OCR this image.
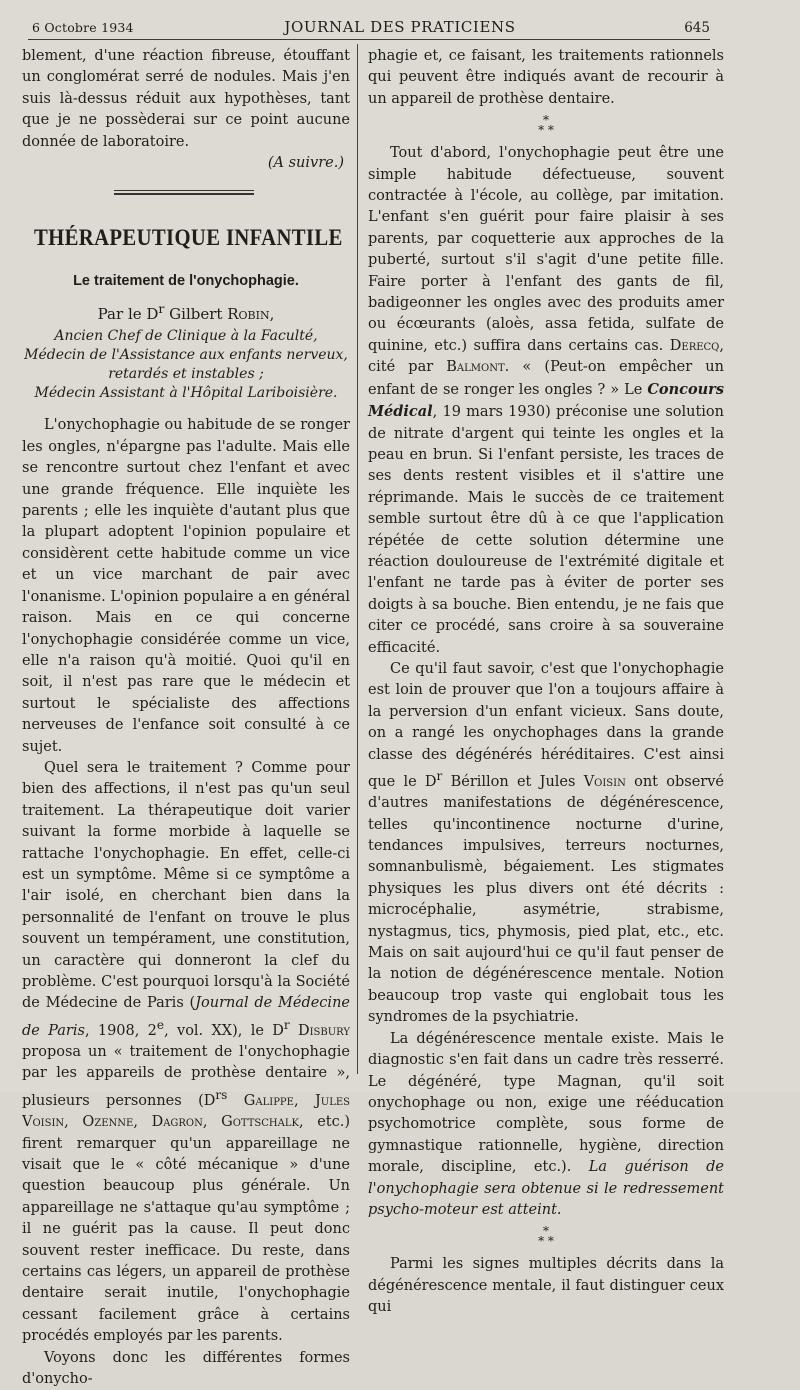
6 Octobre 1934	JOURNAL DES PRATICIENS	645

blement, d'une réaction fibreuse, étouffant un conglomérat serré de nodules. Mais j'en suis là-dessus réduit aux hypothèses, tant que je ne possèderai sur ce point aucune donnée de laboratoire.

(A suivre.)

THÉRAPEUTIQUE INFANTILE
Le traitement de l'onychophagie.
Par le $D^r$ Gilbert Robin,
Ancien Chef de Clinique à la Faculté,
Médecin de l'Assistance aux enfants nerveux, retardés et instables ;
Médecin Assistant à l'Hôpital Lariboisière.

L'onychophagie ou habitude de se ronger les ongles, n'épargne pas l'adulte. Mais elle se rencontre surtout chez l'enfant et avec une grande fréquence. Elle inquiète les parents ; elle les inquiète d'autant plus que la plupart adoptent l'opinion populaire et considèrent cette habitude comme un vice et un vice marchant de pair avec l'onanisme. L'opinion populaire a en général raison. Mais en ce qui concerne l'onychophagie considérée comme un vice, elle n'a raison qu'à moitié. Quoi qu'il en soit, il n'est pas rare que le médecin et surtout le spécialiste des affections nerveuses de l'enfance soit consulté à ce sujet.

Quel sera le traitement ? Comme pour bien des affections, il n'est pas qu'un seul traitement. La thérapeutique doit varier suivant la forme morbide à laquelle se rattache l'onychophagie. En effet, celle-ci est un symptôme. Même si ce symptôme a l'air isolé, en cherchant bien dans la personnalité de l'enfant on trouve le plus souvent un tempérament, une constitution, un caractère qui donneront la clef du problème. C'est pourquoi lorsqu'à la Société de Médecine de Paris (Journal de Médecine de Paris, 1908, 2e, vol. XX), le $D^r$ Disbury proposa un « traitement de l'onychophagie par les appareils de prothèse dentaire », plusieurs personnes ($D^{rs}$ Galippe, Jules Voisin, Ozenne, Dagron, Gottschalk, etc.) firent remarquer qu'un appareillage ne visait que le « côté mécanique » d'une question beaucoup plus générale. Un appareillage ne s'attaque qu'au symptôme ; il ne guérit pas la cause. Il peut donc souvent rester inefficace. Du reste, dans certains cas légers, un appareil de prothèse dentaire serait inutile, l'onychophagie cessant facilement grâce à certains procédés employés par les parents.

Voyons donc les différentes formes d'onycho-

phagie et, ce faisant, les traitements rationnels qui peuvent être indiqués avant de recourir à un appareil de prothèse dentaire.

*
* *

Tout d'abord, l'onychophagie peut être une simple habitude défectueuse, souvent contractée à l'école, au collège, par imitation. L'enfant s'en guérit pour faire plaisir à ses parents, par coquetterie aux approches de la puberté, surtout s'il s'agit d'une petite fille. Faire porter à l'enfant des gants de fil, badigeonner les ongles avec des produits amer ou écœurants (aloès, assa fetida, sulfate de quinine, etc.) suffira dans certains cas. Derecq, cité par Balmont. « (Peut-on empêcher un enfant de se ronger les ongles ? » Le Concours Médical, 19 mars 1930) préconise une solution de nitrate d'argent qui teinte les ongles et la peau en brun. Si l'enfant persiste, les traces de ses dents restent visibles et il s'attire une réprimande. Mais le succès de ce traitement semble surtout être dû à ce que l'application répétée de cette solution détermine une réaction douloureuse de l'extrémité digitale et l'enfant ne tarde pas à éviter de porter ses doigts à sa bouche. Bien entendu, je ne fais que citer ce procédé, sans croire à sa souveraine efficacité.

Ce qu'il faut savoir, c'est que l'onychophagie est loin de prouver que l'on a toujours affaire à la perversion d'un enfant vicieux. Sans doute, on a rangé les onychophages dans la grande classe des dégénérés héréditaires. C'est ainsi que le $D^r$ Bérillon et Jules Voisin ont observé d'autres manifestations de dégénérescence, telles qu'incontinence nocturne d'urine, tendances impulsives, terreurs nocturnes, somnanbulismè, bégaiement. Les stigmates physiques les plus divers ont été décrits : microcéphalie, asymétrie, strabisme, nystagmus, tics, phymosis, pied plat, etc., etc. Mais on sait aujourd'hui ce qu'il faut penser de la notion de dégénérescence mentale. Notion beaucoup trop vaste qui englobait tous les syndromes de la psychiatrie.

La dégénérescence mentale existe. Mais le diagnostic s'en fait dans un cadre très resserré. Le dégénéré, type Magnan, qu'il soit onychophage ou non, exige une rééducation psychomotrice complète, sous forme de gymnastique rationnelle, hygiène, direction morale, discipline, etc.). La guérison de l'onychophagie sera obtenue si le redressement psycho-moteur est atteint.

*
* *

Parmi les signes multiples décrits dans la dégénérescence mentale, il faut distinguer ceux qui
